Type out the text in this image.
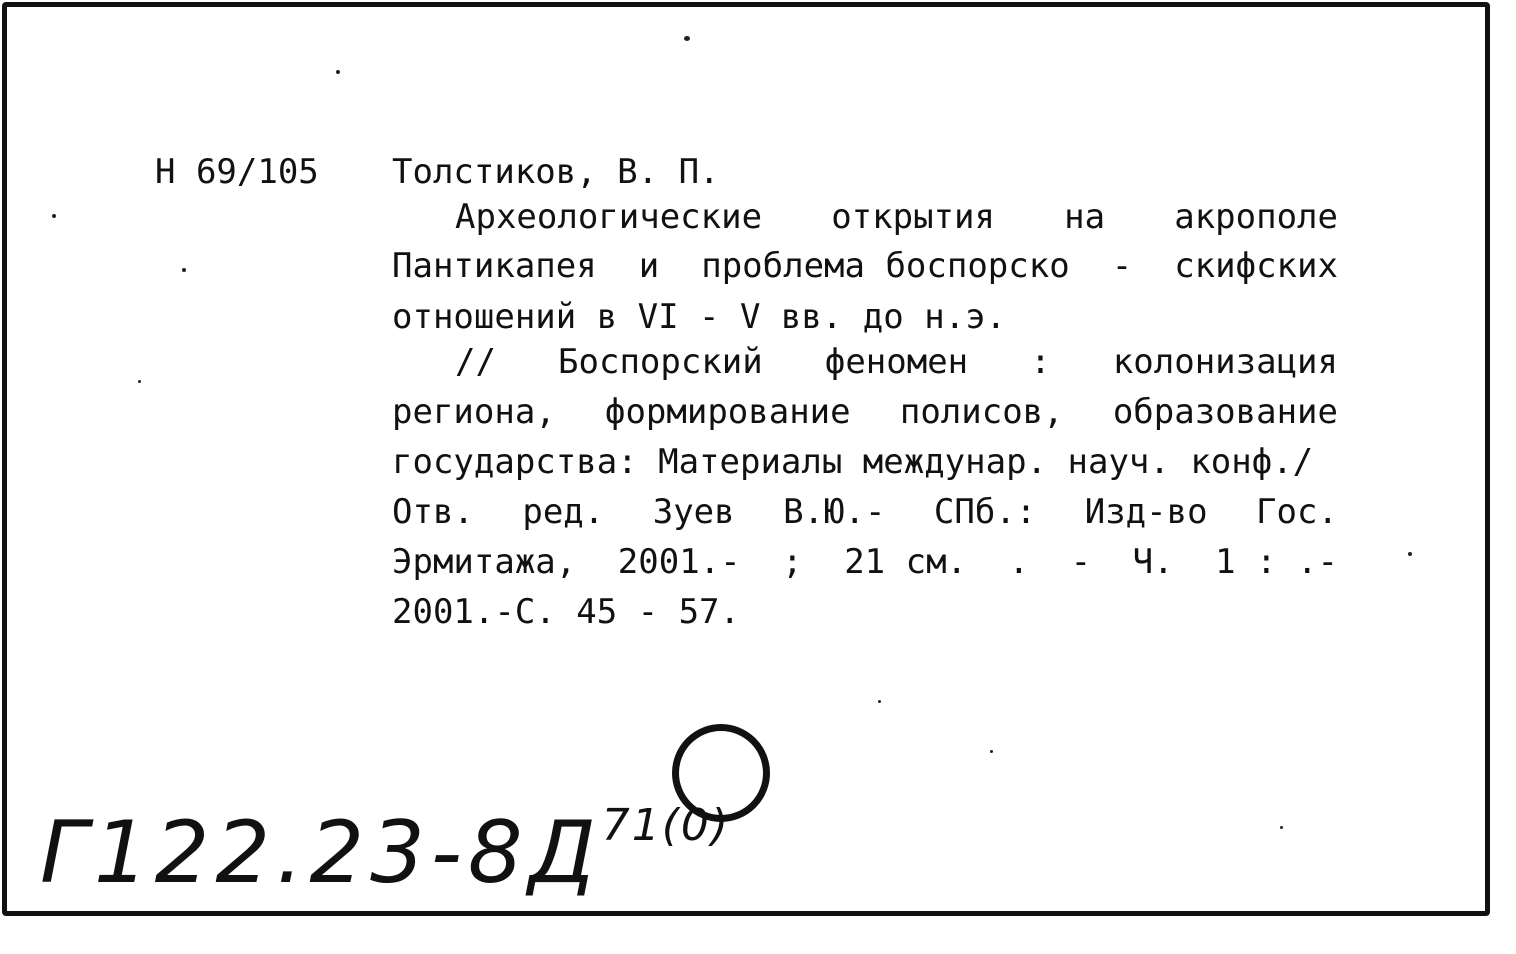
Н 69/105 Толстиков, В. П.
Археологические открытия на акрополе
Пантикапея и проблема боспорско - скифских
отношений в VI - V вв. до н.э.
// Боспорский феномен : колонизация
региона, формирование полисов, образование
государства: Материалы междунар. науч. конф./
Отв. ред. Зуев В.Ю.- СПб.: Изд-во Гос.
Эрмитажа, 2001.- ; 21 см. . - Ч. 1 : .-
2001.-С. 45 - 57.
$Г122.23-8Д^{71(0)}$
